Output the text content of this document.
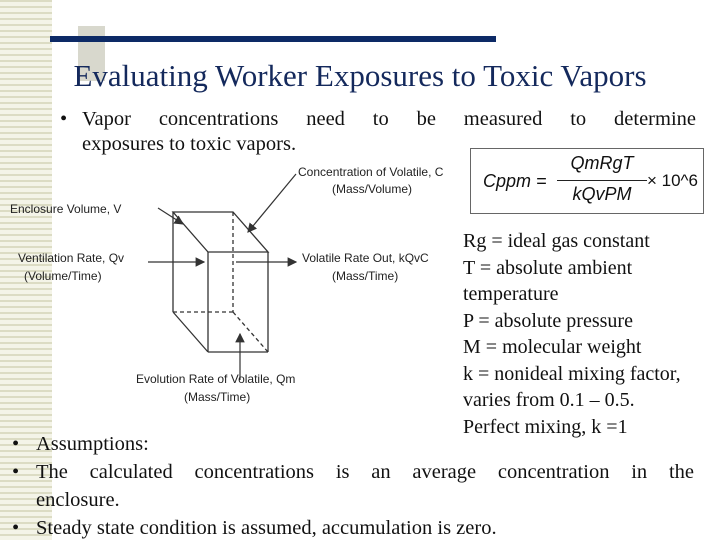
Evaluating Worker Exposures to Toxic Vapors
• Vapor concentrations need to be measured to determine
exposures to toxic vapors.
Concentration of Volatile, C
(Mass/Volume)
Enclosure Volume, V
Ventilation Rate, Qv
(Volume/Time)
Volatile Rate Out, kQvC
(Mass/Time)
Evolution Rate of Volatile, Qm
(Mass/Time)
Cppm =
QmRgT
kQvPM
× 10^6
Rg = ideal gas constant
T = absolute ambient
temperature
P = absolute pressure
M = molecular weight
k = nonideal mixing factor,
varies from 0.1 – 0.5.
Perfect mixing, k =1
• Assumptions:
• The calculated concentrations is an average concentration in the
enclosure.
• Steady state condition is assumed, accumulation is zero.
